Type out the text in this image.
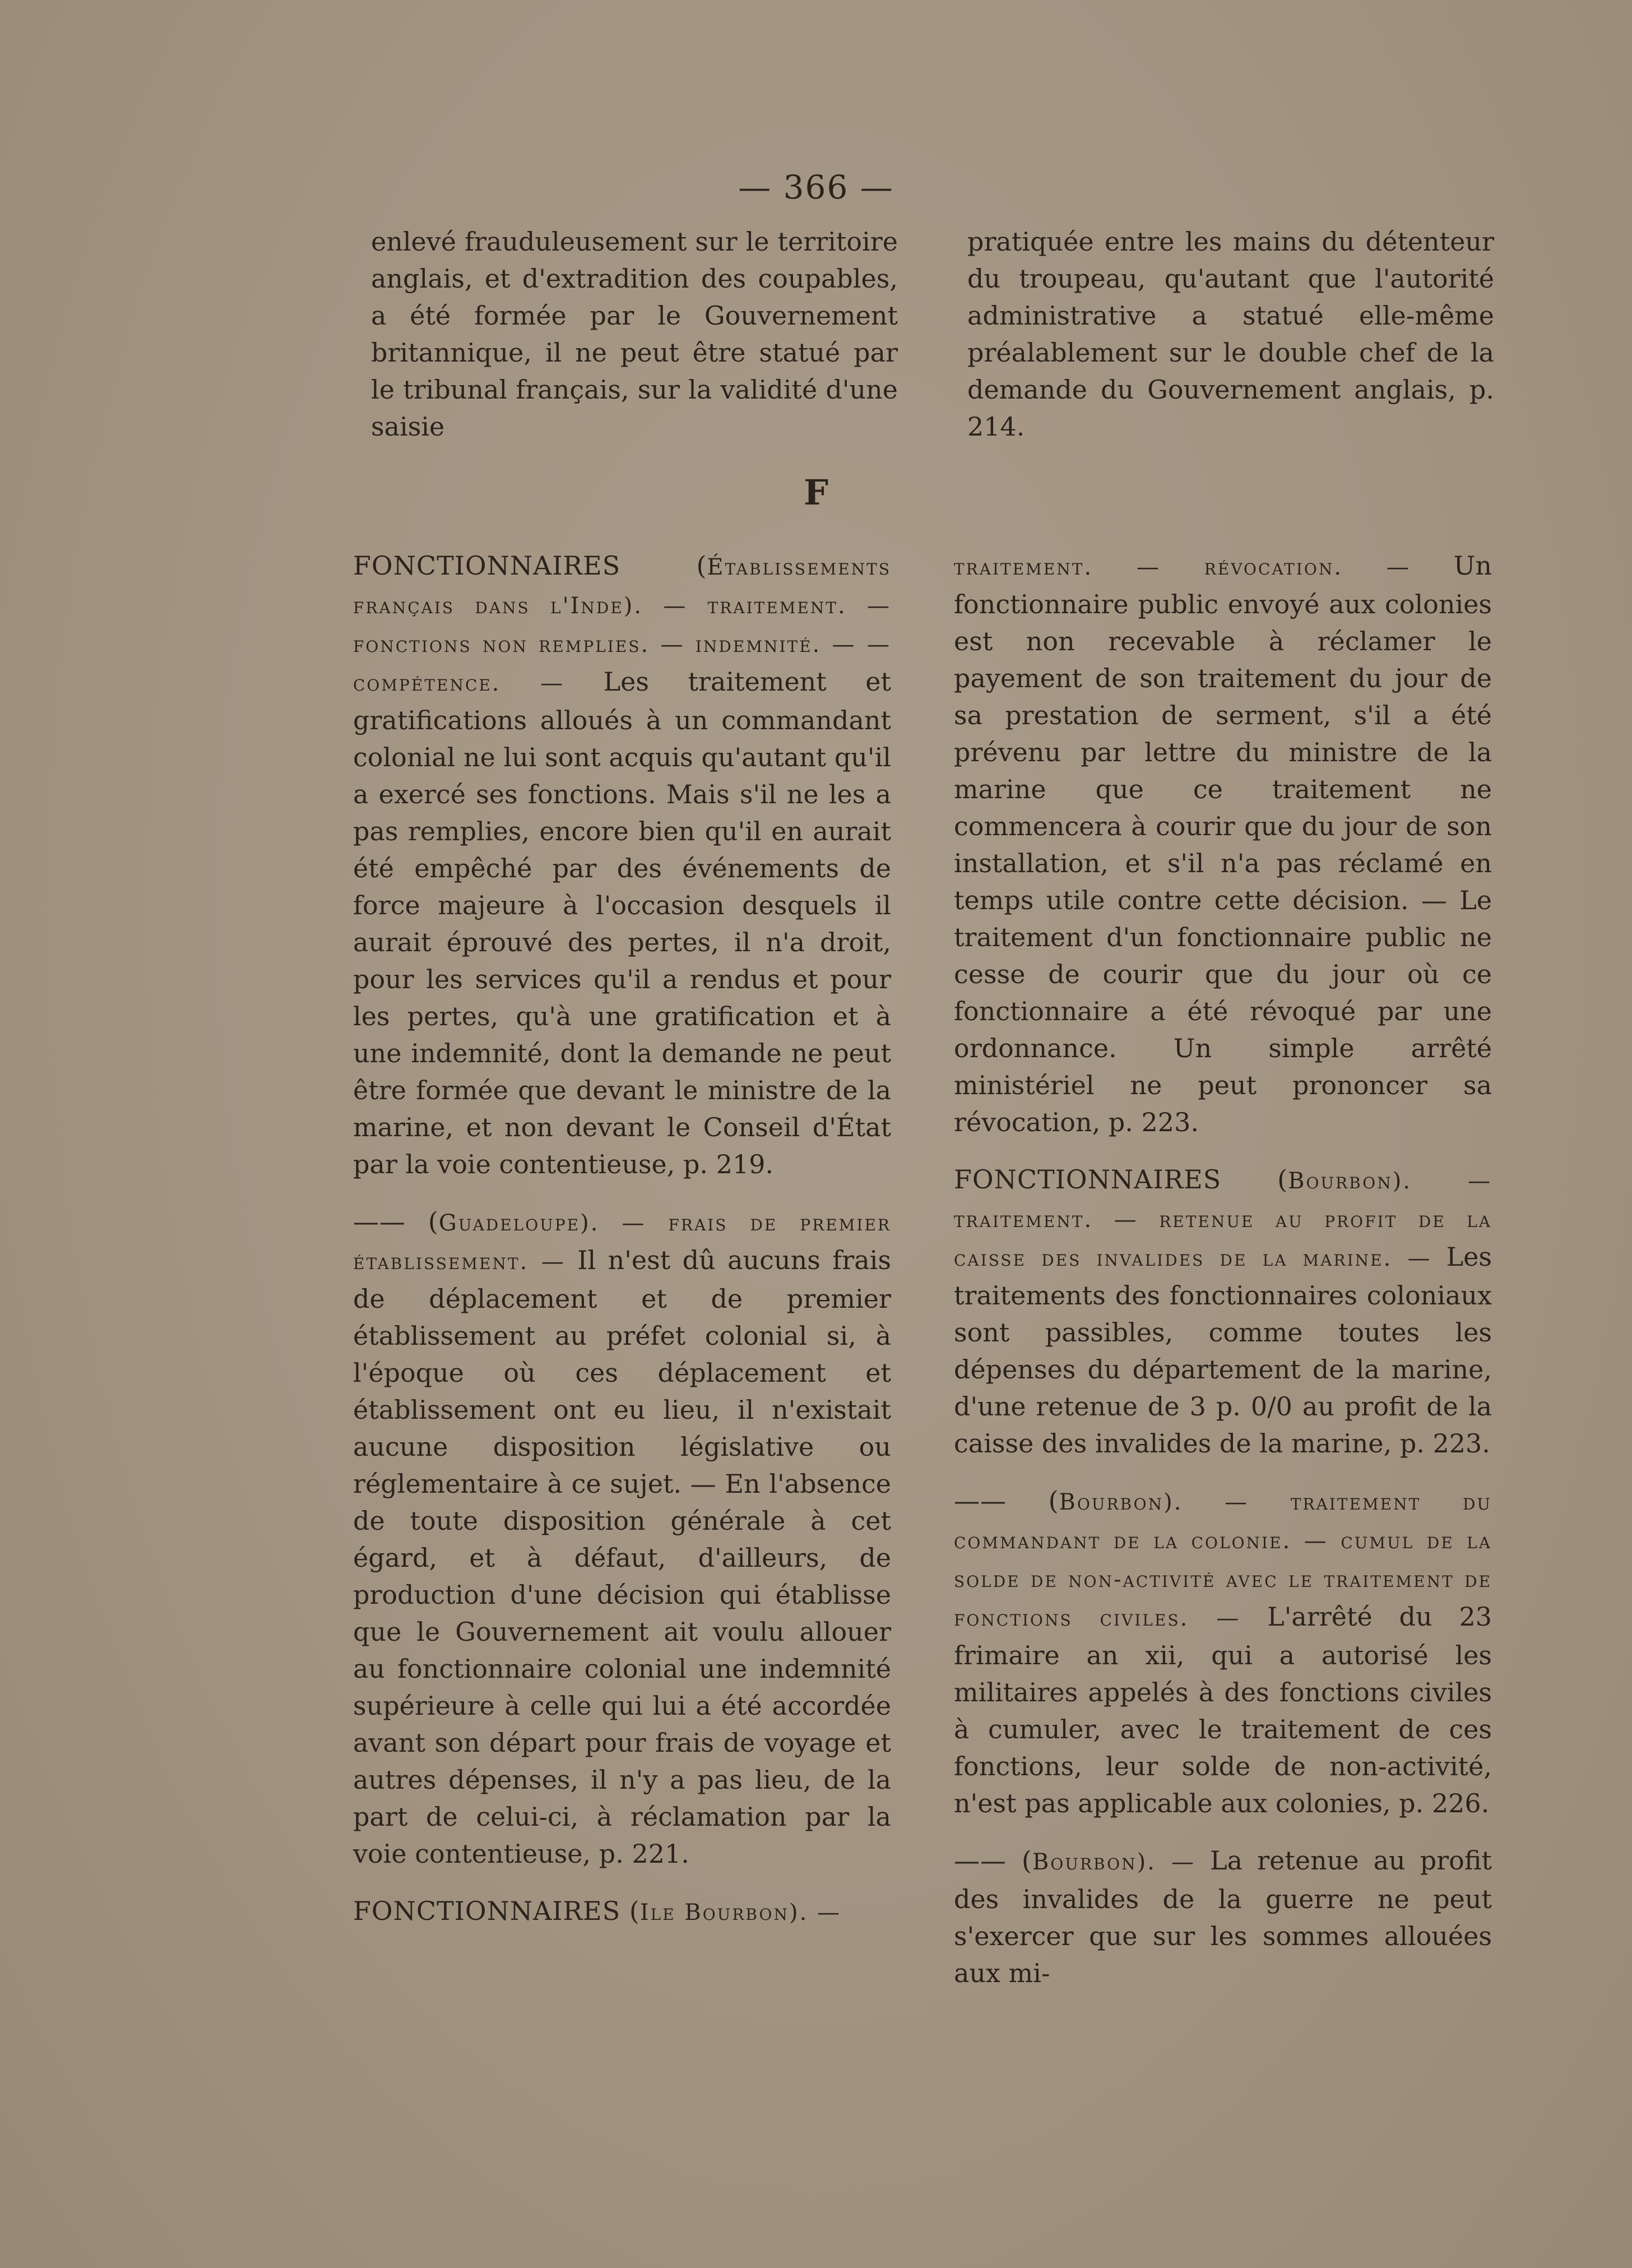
— 366 —

enlevé frauduleusement sur le territoire anglais, et d'extradition des coupables, a été formée par le Gouvernement britannique, il ne peut être statué par le tribunal français, sur la validité d'une saisie

pratiquée entre les mains du détenteur du troupeau, qu'autant que l'autorité administrative a statué elle-même préalablement sur le double chef de la demande du Gouvernement anglais, p. 214.

F

FONCTIONNAIRES (Établissements français dans l'Inde). — traitement. — fonctions non remplies. — indemnité. — — compétence. — Les traitement et gratifications alloués à un commandant colonial ne lui sont acquis qu'autant qu'il a exercé ses fonctions. Mais s'il ne les a pas remplies, encore bien qu'il en aurait été empêché par des événements de force majeure à l'occasion desquels il aurait éprouvé des pertes, il n'a droit, pour les services qu'il a rendus et pour les pertes, qu'à une gratification et à une indemnité, dont la demande ne peut être formée que devant le ministre de la marine, et non devant le Conseil d'État par la voie contentieuse, p. 219.

—— (Guadeloupe). — frais de premier établissement. — Il n'est dû aucuns frais de déplacement et de premier établissement au préfet colonial si, à l'époque où ces déplacement et établissement ont eu lieu, il n'existait aucune disposition législative ou réglementaire à ce sujet. — En l'absence de toute disposition générale à cet égard, et à défaut, d'ailleurs, de production d'une décision qui établisse que le Gouvernement ait voulu allouer au fonctionnaire colonial une indemnité supérieure à celle qui lui a été accordée avant son départ pour frais de voyage et autres dépenses, il n'y a pas lieu, de la part de celui-ci, à réclamation par la voie contentieuse, p. 221.

FONCTIONNAIRES (Ile Bourbon). —

traitement. — révocation. — Un fonctionnaire public envoyé aux colonies est non recevable à réclamer le payement de son traitement du jour de sa prestation de serment, s'il a été prévenu par lettre du ministre de la marine que ce traitement ne commencera à courir que du jour de son installation, et s'il n'a pas réclamé en temps utile contre cette décision. — Le traitement d'un fonctionnaire public ne cesse de courir que du jour où ce fonctionnaire a été révoqué par une ordonnance. Un simple arrêté ministériel ne peut prononcer sa révocation, p. 223.

FONCTIONNAIRES (Bourbon). — traitement. — retenue au profit de la caisse des invalides de la marine. — Les traitements des fonctionnaires coloniaux sont passibles, comme toutes les dépenses du département de la marine, d'une retenue de 3 p. 0/0 au profit de la caisse des invalides de la marine, p. 223.

—— (Bourbon). — traitement du commandant de la colonie. — cumul de la solde de non-activité avec le traitement de fonctions civiles. — L'arrêté du 23 frimaire an xii, qui a autorisé les militaires appelés à des fonctions civiles à cumuler, avec le traitement de ces fonctions, leur solde de non-activité, n'est pas applicable aux colonies, p. 226.

—— (Bourbon). — La retenue au profit des invalides de la guerre ne peut s'exercer que sur les sommes allouées aux mi-
